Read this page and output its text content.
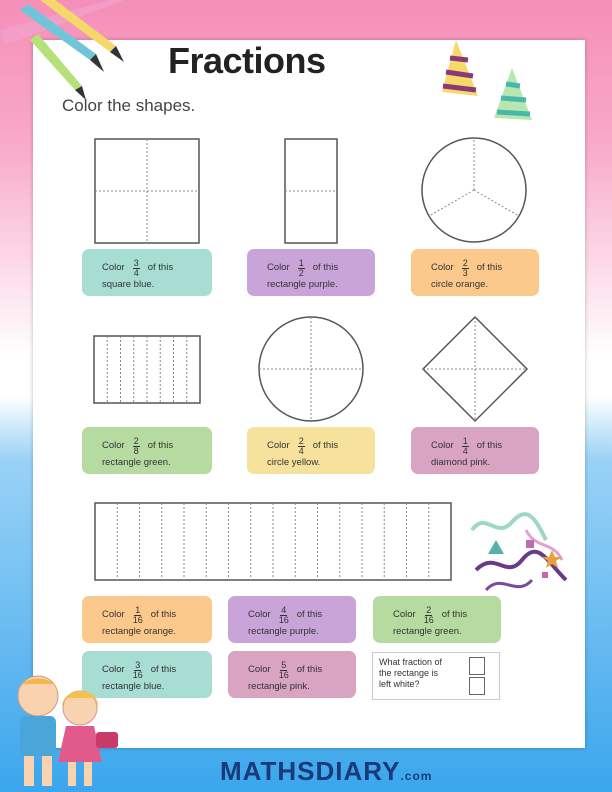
Fractions
Color the shapes.
Color $\frac{3}{4}$ of this
square blue.
Color $\frac{1}{2}$ of this
rectangle purple.
Color $\frac{2}{3}$ of this
circle orange.
Color $\frac{2}{8}$ of this
rectangle green.
Color $\frac{2}{4}$ of this
circle yellow.
Color $\frac{1}{4}$ of this
diamond pink.
Color $\frac{1}{16}$ of this
rectangle orange.
Color $\frac{4}{16}$ of this
rectangle purple.
Color $\frac{2}{16}$ of this
rectangle green.
Color $\frac{3}{16}$ of this
rectangle blue.
Color $\frac{5}{16}$ of this
rectangle pink.
What fraction of
the rectange is
left white?
MATHSDIARY.com
